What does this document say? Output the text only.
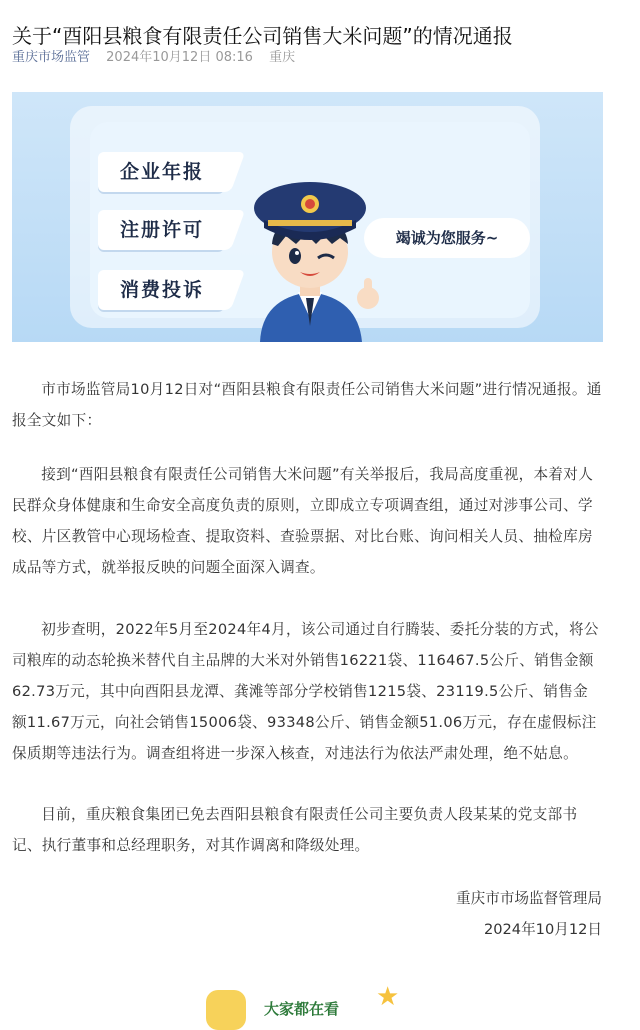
关于“酉阳县粮食有限责任公司销售大米问题”的情况通报
重庆市场监管 2024年10月12日 08:16 重庆
企业年报
注册许可
消费投诉
竭诚为您服务~

市市场监管局10月12日对“酉阳县粮食有限责任公司销售大米问题”进行情况通报。通报全文如下：

接到“酉阳县粮食有限责任公司销售大米问题”有关举报后，我局高度重视，本着对人民群众身体健康和生命安全高度负责的原则，立即成立专项调查组，通过对涉事公司、学校、片区教管中心现场检查、提取资料、查验票据、对比台账、询问相关人员、抽检库房成品等方式，就举报反映的问题全面深入调查。

初步查明，2022年5月至2024年4月，该公司通过自行腾装、委托分装的方式，将公司粮库的动态轮换米替代自主品牌的大米对外销售16221袋、116467.5公斤、销售金额62.73万元，其中向酉阳县龙潭、龚滩等部分学校销售1215袋、23119.5公斤、销售金额11.67万元，向社会销售15006袋、93348公斤、销售金额51.06万元，存在虚假标注保质期等违法行为。调查组将进一步深入核查，对违法行为依法严肃处理，绝不姑息。

目前，重庆粮食集团已免去酉阳县粮食有限责任公司主要负责人段某某的党支部书记、执行董事和总经理职务，对其作调离和降级处理。

重庆市市场监督管理局
2024年10月12日
大家都在看 ★
